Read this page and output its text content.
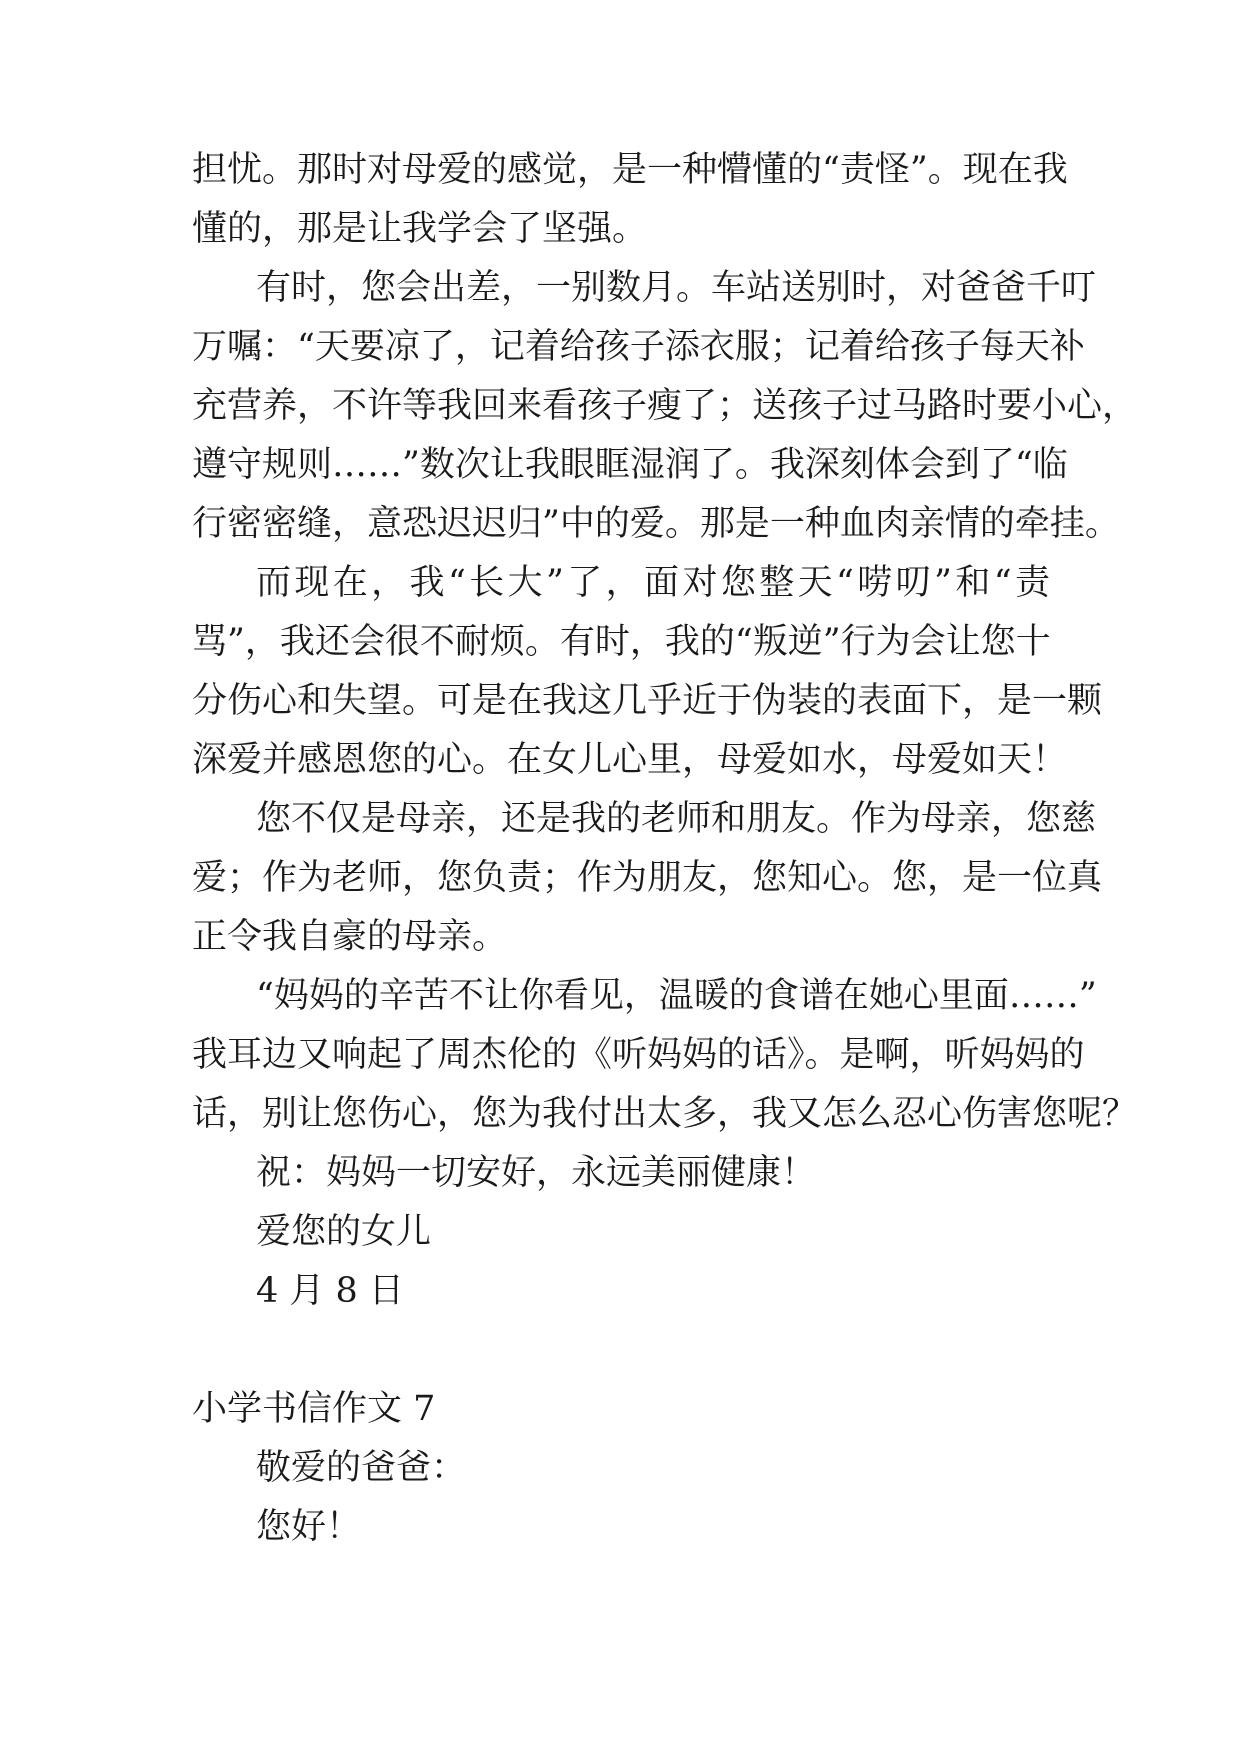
担忧。那时对母爱的感觉，是一种懵懂的“责怪”。现在我
懂的，那是让我学会了坚强。
有时，您会出差，一别数月。车站送别时，对爸爸千叮
万嘱：“天要凉了，记着给孩子添衣服；记着给孩子每天补
充营养，不许等我回来看孩子瘦了；送孩子过马路时要小心，
遵守规则……”数次让我眼眶湿润了。我深刻体会到了“临
行密密缝，意恐迟迟归”中的爱。那是一种血肉亲情的牵挂。
而现在，我“长大”了，面对您整天“唠叨”和“责
骂”，我还会很不耐烦。有时，我的“叛逆”行为会让您十
分伤心和失望。可是在我这几乎近于伪装的表面下，是一颗
深爱并感恩您的心。在女儿心里，母爱如水，母爱如天！
您不仅是母亲，还是我的老师和朋友。作为母亲，您慈
爱；作为老师，您负责；作为朋友，您知心。您，是一位真
正令我自豪的母亲。
“妈妈的辛苦不让你看见，温暖的食谱在她心里面……”
我耳边又响起了周杰伦的《听妈妈的话》。是啊，听妈妈的
话，别让您伤心，您为我付出太多，我又怎么忍心伤害您呢？
祝：妈妈一切安好，永远美丽健康！
爱您的女儿
4 月 8 日
小学书信作文 7
敬爱的爸爸：
您好！
